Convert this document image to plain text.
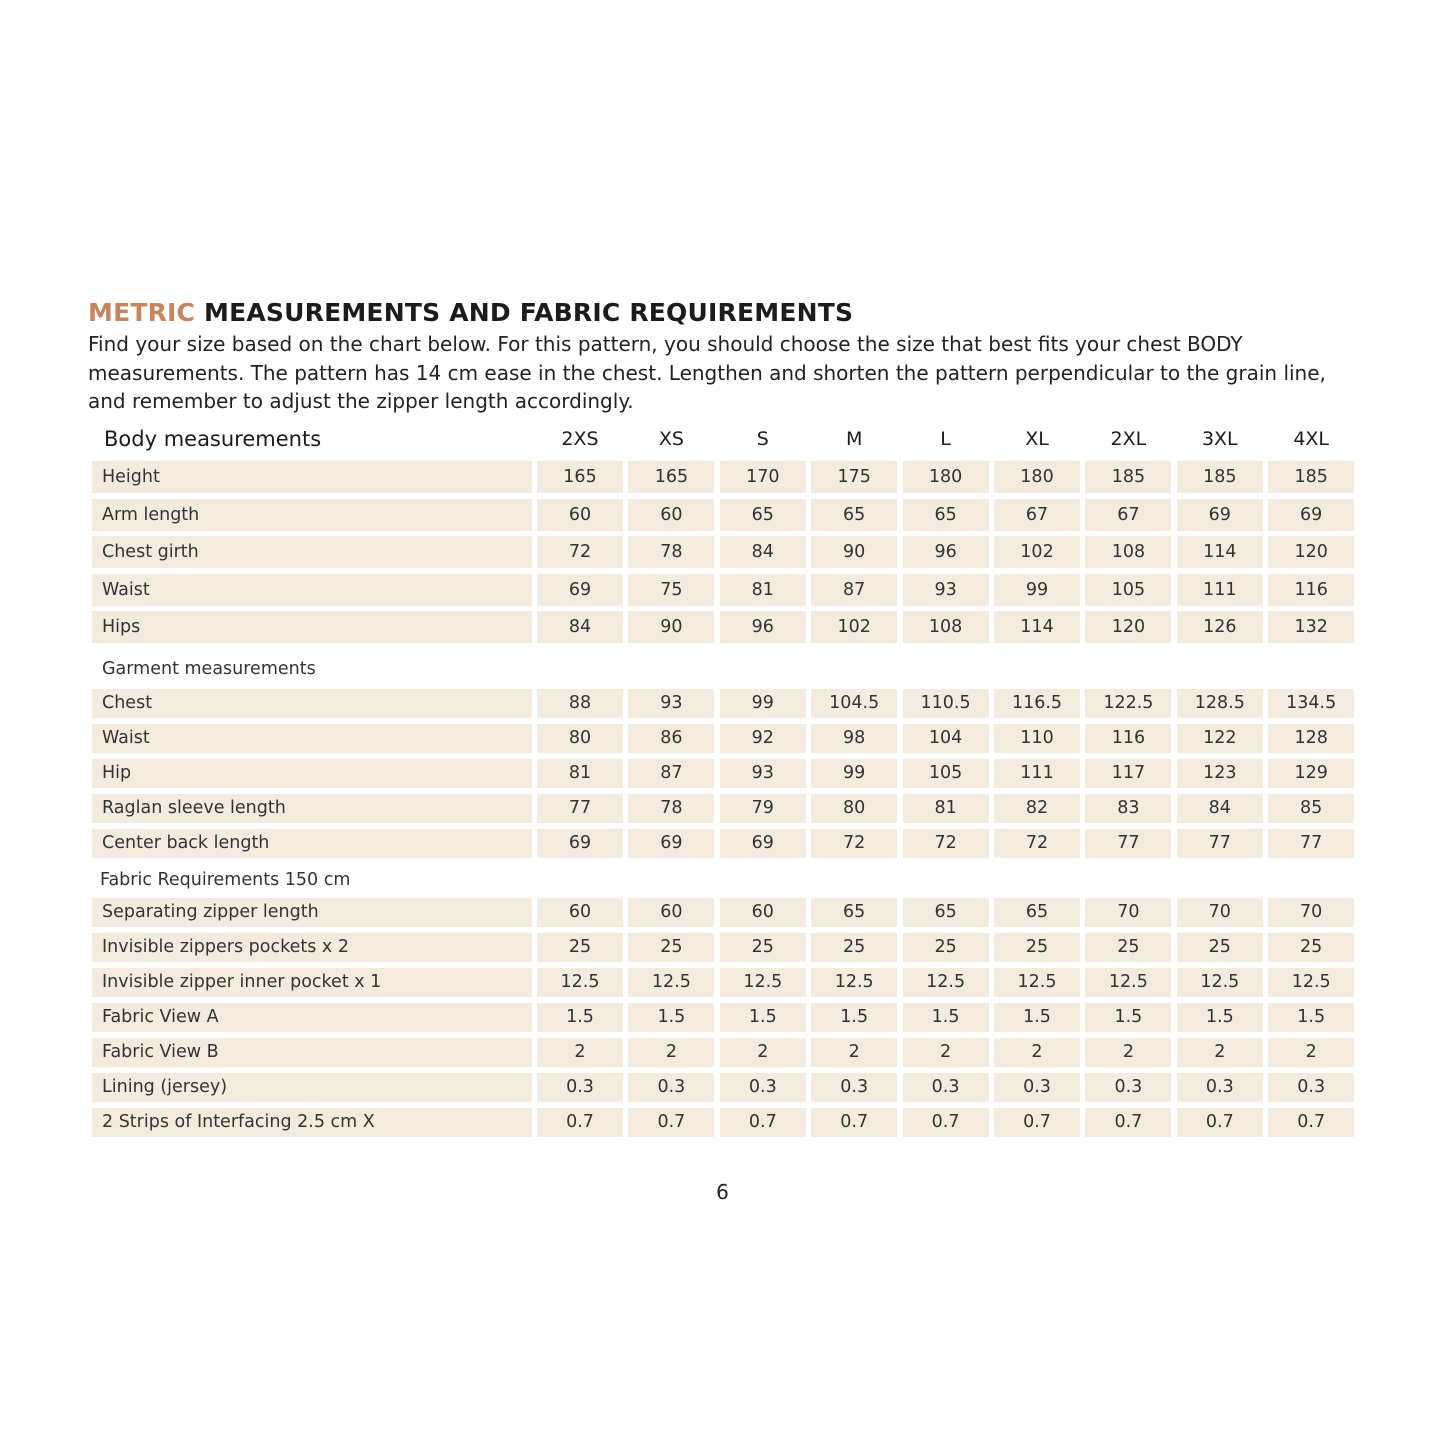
METRIC MEASUREMENTS AND FABRIC REQUIREMENTS

Find your size based on the chart below. For this pattern, you should choose the size that best fits your chest BODY measurements. The pattern has 14 cm ease in the chest. Lengthen and shorten the pattern perpendicular to the grain line, and remember to adjust the zipper length accordingly.

Body measurements	2XS	XS	S	M	L	XL	2XL	3XL	4XL
Height	165	165	170	175	180	180	185	185	185
Arm length	60	60	65	65	65	67	67	69	69
Chest girth	72	78	84	90	96	102	108	114	120
Waist	69	75	81	87	93	99	105	111	116
Hips	84	90	96	102	108	114	120	126	132
Garment measurements
Chest	88	93	99	104.5	110.5	116.5	122.5	128.5	134.5
Waist	80	86	92	98	104	110	116	122	128
Hip	81	87	93	99	105	111	117	123	129
Raglan sleeve length	77	78	79	80	81	82	83	84	85
Center back length	69	69	69	72	72	72	77	77	77
Fabric Requirements 150 cm
Separating zipper length	60	60	60	65	65	65	70	70	70
Invisible zippers pockets x 2	25	25	25	25	25	25	25	25	25
Invisible zipper inner pocket x 1	12.5	12.5	12.5	12.5	12.5	12.5	12.5	12.5	12.5
Fabric View A	1.5	1.5	1.5	1.5	1.5	1.5	1.5	1.5	1.5
Fabric View B	2	2	2	2	2	2	2	2	2
Lining (jersey)	0.3	0.3	0.3	0.3	0.3	0.3	0.3	0.3	0.3
2 Strips of Interfacing 2.5 cm X	0.7	0.7	0.7	0.7	0.7	0.7	0.7	0.7	0.7
6
